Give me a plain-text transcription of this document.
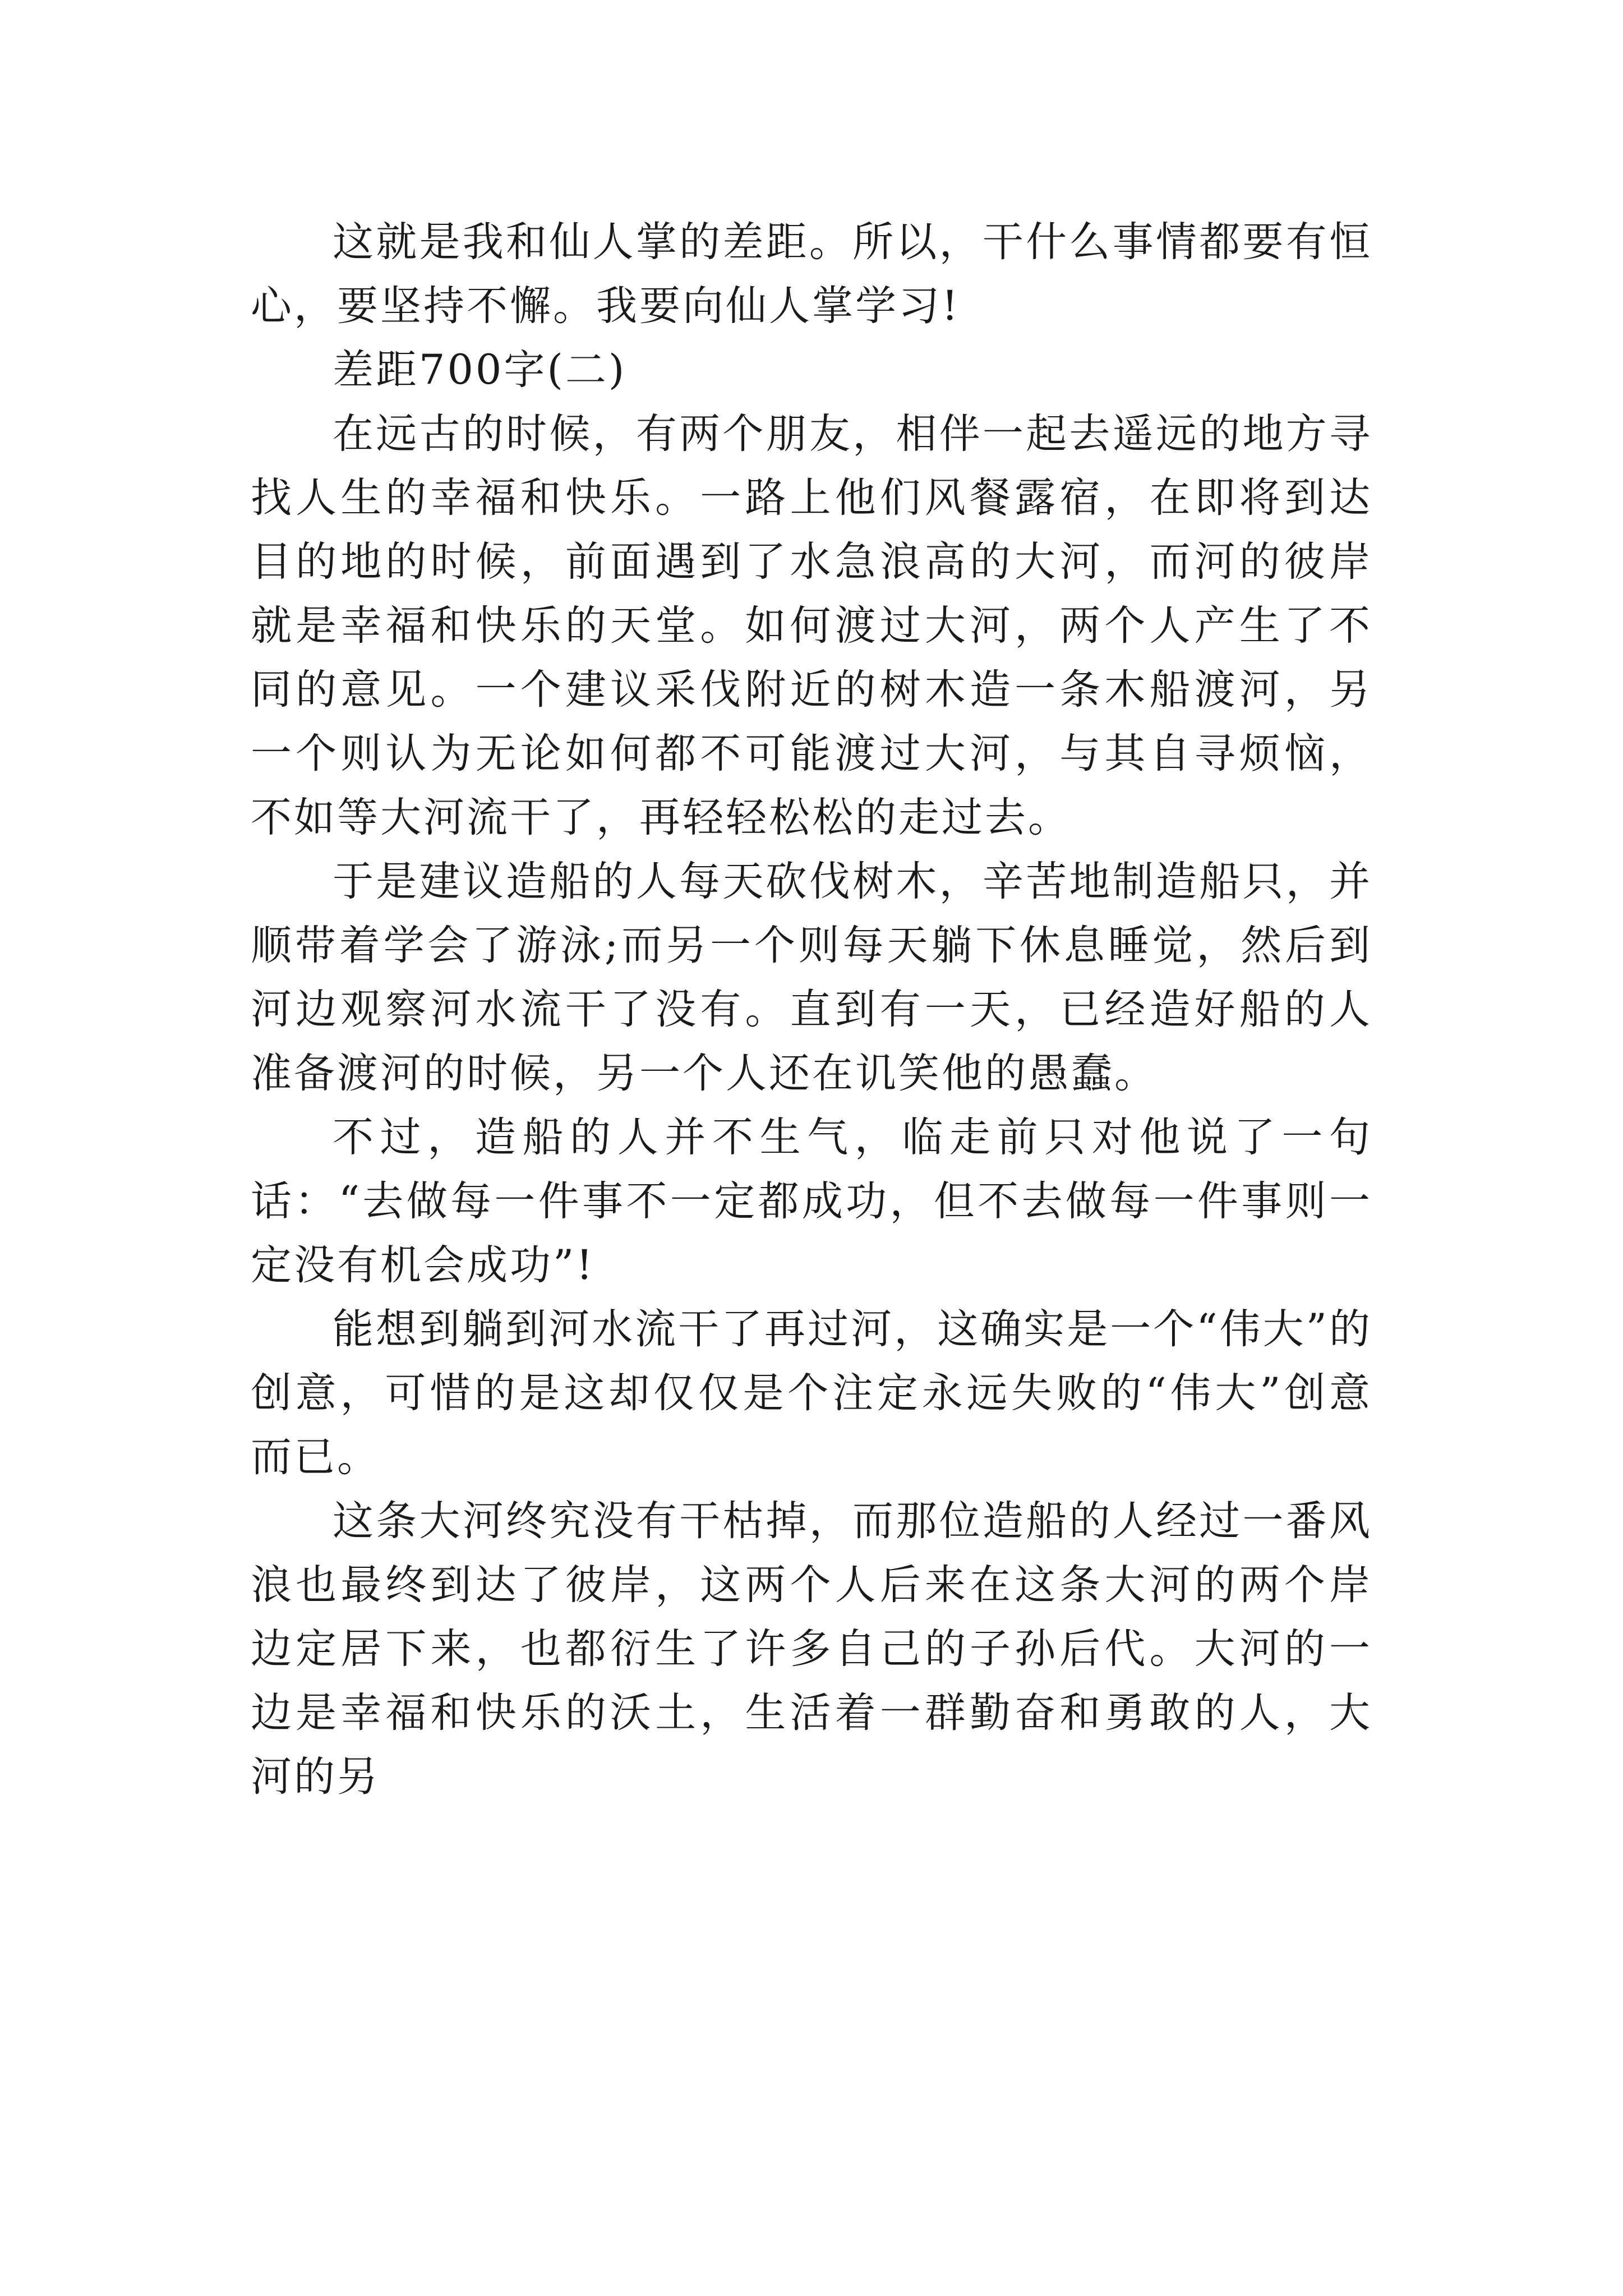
这就是我和仙人掌的差距。所以，干什么事情都要有恒心，要坚持不懈。我要向仙人掌学习!

差距700字(二)

在远古的时候，有两个朋友，相伴一起去遥远的地方寻找人生的幸福和快乐。一路上他们风餐露宿，在即将到达目的地的时候，前面遇到了水急浪高的大河，而河的彼岸就是幸福和快乐的天堂。如何渡过大河，两个人产生了不同的意见。一个建议采伐附近的树木造一条木船渡河，另一个则认为无论如何都不可能渡过大河，与其自寻烦恼，不如等大河流干了，再轻轻松松的走过去。

于是建议造船的人每天砍伐树木，辛苦地制造船只，并顺带着学会了游泳;而另一个则每天躺下休息睡觉，然后到河边观察河水流干了没有。直到有一天，已经造好船的人准备渡河的时候，另一个人还在讥笑他的愚蠢。

不过，造船的人并不生气，临走前只对他说了一句话：“去做每一件事不一定都成功，但不去做每一件事则一定没有机会成功”!

能想到躺到河水流干了再过河，这确实是一个“伟大”的创意，可惜的是这却仅仅是个注定永远失败的“伟大”创意而已。

这条大河终究没有干枯掉，而那位造船的人经过一番风浪也最终到达了彼岸，这两个人后来在这条大河的两个岸边定居下来，也都衍生了许多自己的子孙后代。大河的一边是幸福和快乐的沃土，生活着一群勤奋和勇敢的人，大河的另
